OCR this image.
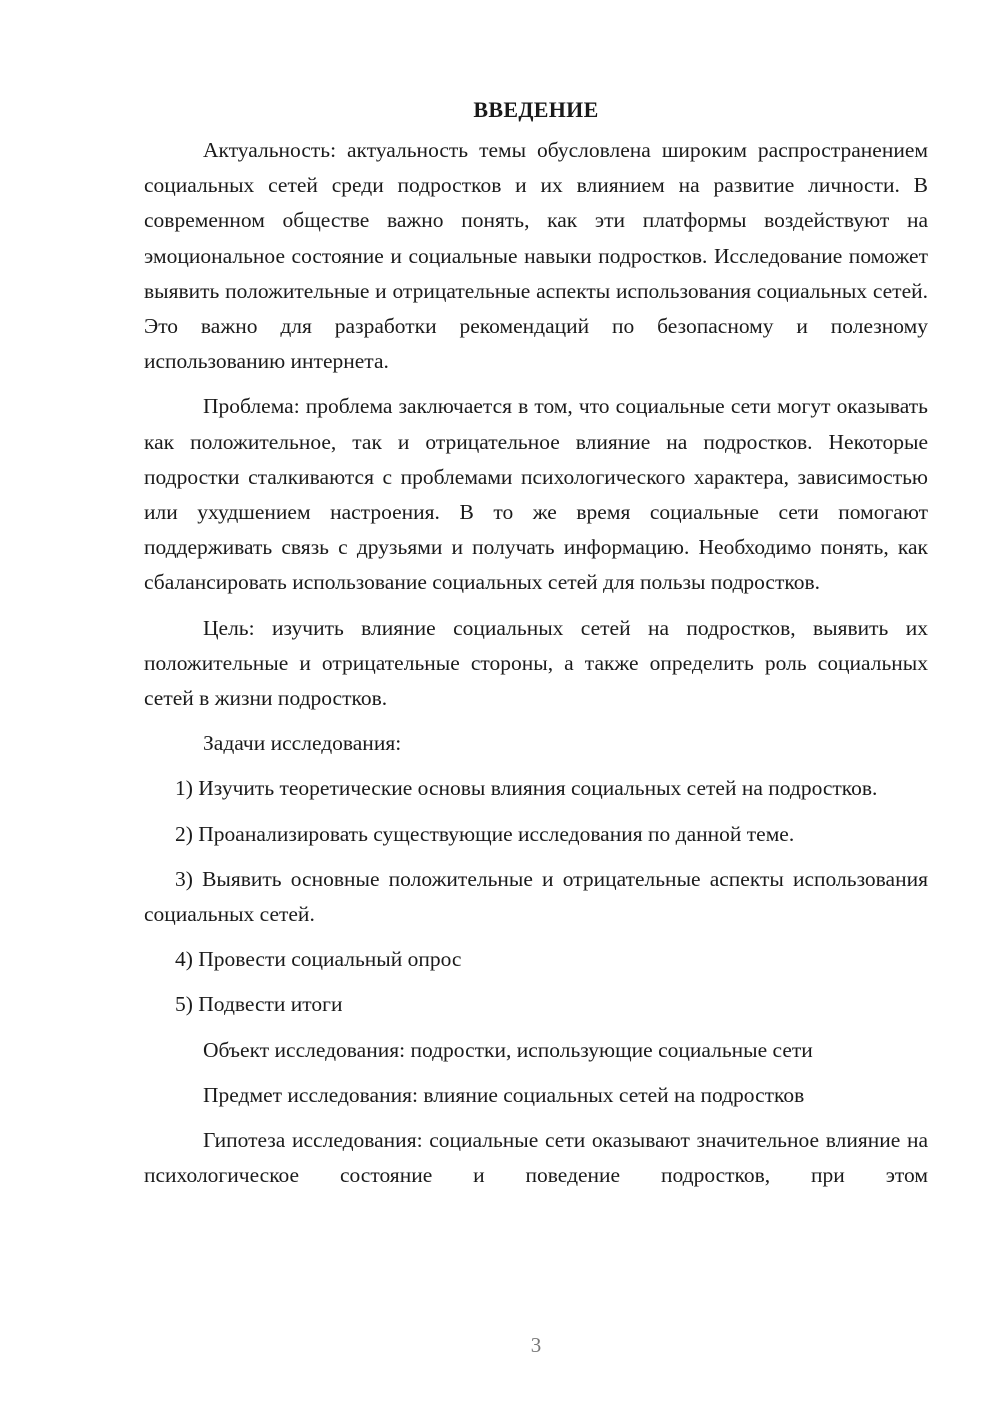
ВВЕДЕНИЕ
Актуальность: актуальность темы обусловлена широким распространением социальных сетей среди подростков и их влиянием на развитие личности. В современном обществе важно понять, как эти платформы воздействуют на эмоциональное состояние и социальные навыки подростков. Исследование поможет выявить положительные и отрицательные аспекты использования социальных сетей. Это важно для разработки рекомендаций по безопасному и полезному использованию интернета.
Проблема: проблема заключается в том, что социальные сети могут оказывать как положительное, так и отрицательное влияние на подростков. Некоторые подростки сталкиваются с проблемами психологического характера, зависимостью или ухудшением настроения. В то же время социальные сети помогают поддерживать связь с друзьями и получать информацию. Необходимо понять, как сбалансировать использование социальных сетей для пользы подростков.
Цель: изучить влияние социальных сетей на подростков, выявить их положительные и отрицательные стороны, а также определить роль социальных сетей в жизни подростков.
Задачи исследования:
1) Изучить теоретические основы влияния социальных сетей на подростков.
2) Проанализировать существующие исследования по данной теме.
3) Выявить основные положительные и отрицательные аспекты использования социальных сетей.
4) Провести социальный опрос
5) Подвести итоги
Объект исследования: подростки, использующие социальные сети
Предмет исследования: влияние социальных сетей на подростков
Гипотеза исследования: социальные сети оказывают значительное влияние на психологическое состояние и поведение подростков, при этом
3
